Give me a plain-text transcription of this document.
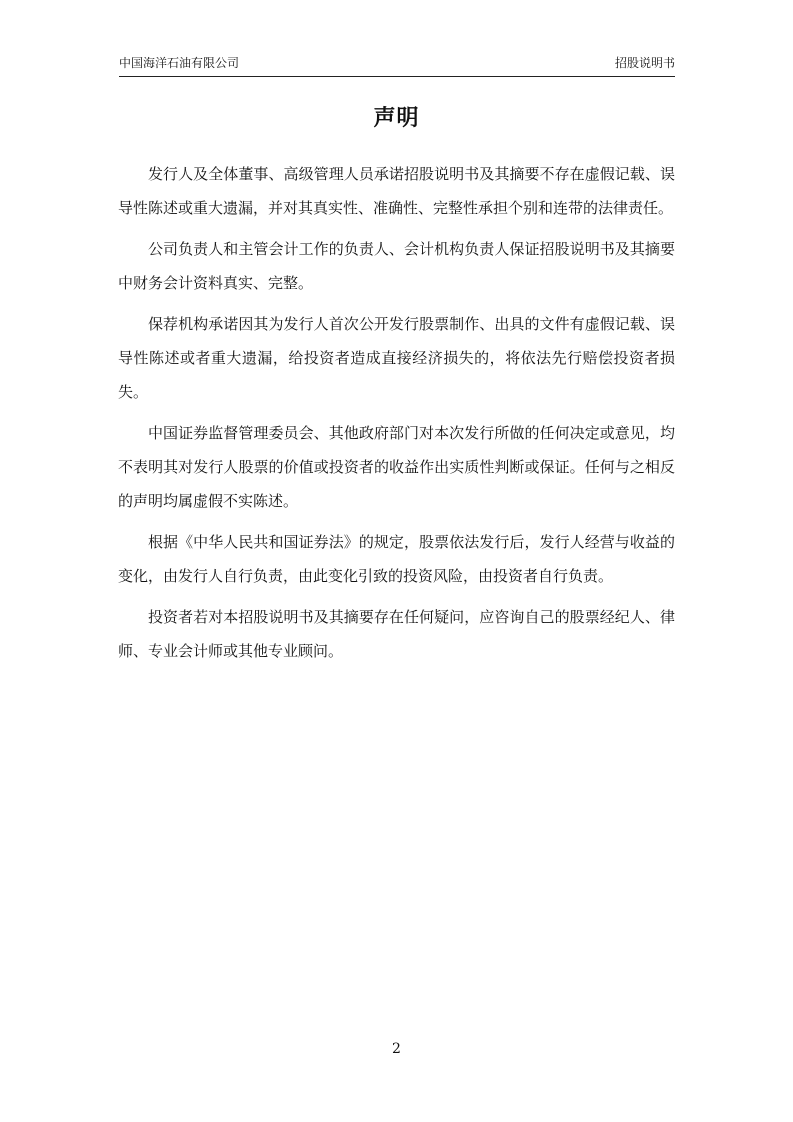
中国海洋石油有限公司	招股说明书
声明

发行人及全体董事、高级管理人员承诺招股说明书及其摘要不存在虚假记载、误导性陈述或重大遗漏，并对其真实性、准确性、完整性承担个别和连带的法律责任。

公司负责人和主管会计工作的负责人、会计机构负责人保证招股说明书及其摘要中财务会计资料真实、完整。

保荐机构承诺因其为发行人首次公开发行股票制作、出具的文件有虚假记载、误导性陈述或者重大遗漏，给投资者造成直接经济损失的，将依法先行赔偿投资者损失。

中国证券监督管理委员会、其他政府部门对本次发行所做的任何决定或意见，均不表明其对发行人股票的价值或投资者的收益作出实质性判断或保证。任何与之相反的声明均属虚假不实陈述。

根据《中华人民共和国证券法》的规定，股票依法发行后，发行人经营与收益的变化，由发行人自行负责，由此变化引致的投资风险，由投资者自行负责。

投资者若对本招股说明书及其摘要存在任何疑问，应咨询自己的股票经纪人、律师、专业会计师或其他专业顾问。

2
